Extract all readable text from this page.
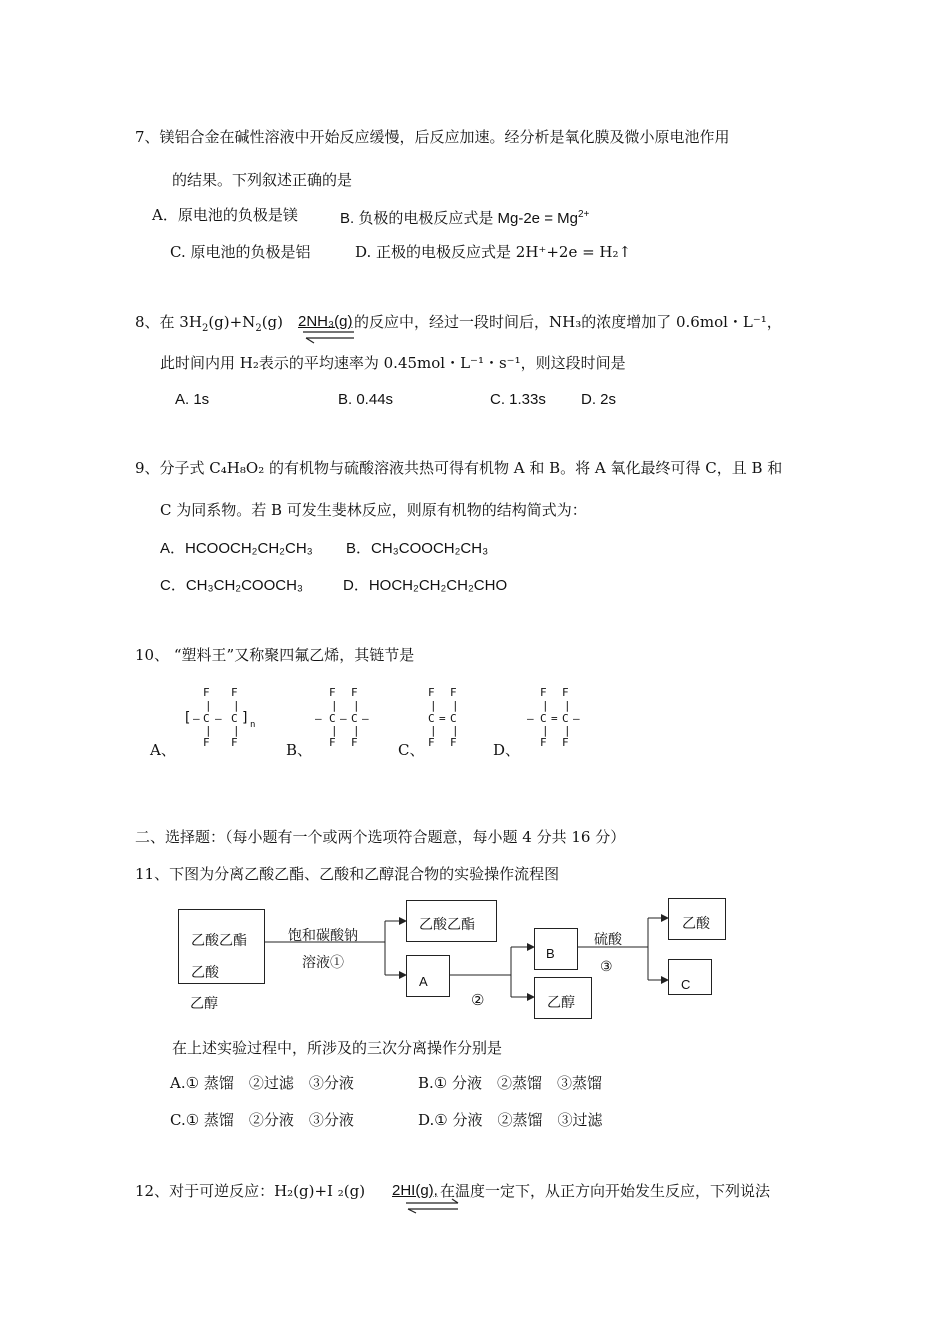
7、镁铝合金在碱性溶液中开始反应缓慢，后反应加速。经分析是氧化膜及微小原电池作用
的结果。下列叙述正确的是
A．原电池的负极是镁	B. 负极的电极反应式是 $Mg-2e = Mg^{2+}$
C. 原电池的负极是铝	D. 正极的电极反应式是 2H⁺+2e = H₂↑
8、在 $3H_2(g)+N_2(g)$ 2NH₃(g) 的反应中，经过一段时间后，NH₃的浓度增加了 0.6mol・L⁻¹，
此时间内用 H₂表示的平均速率为 0.45mol・L⁻¹・s⁻¹，则这段时间是
A. 1s	B. 0.44s	C. 1.33s D. 2s
9、分子式 C₄H₈O₂ 的有机物与硫酸溶液共热可得有机物 A 和 B。将 A 氧化最终可得 C，且 B 和
C 为同系物。若 B 可发生斐林反应，则原有机物的结构简式为：
A．HCOOCH₂CH₂CH₃ B．CH₃COOCH₂CH₃
C．CH₃CH₂COOCH₃	D．HOCH₂CH₂CH₂CHO
10、 “塑料王”又称聚四氟乙烯，其链节是
F F
| |
[ — C — C ] n
| |
F F
A、
F F
| |
– C – C –
| |
F F
B、
F F
| |
C = C
| |
F F
C、
F F
| |
– C = C –
| |
F F
D、
二、选择题：（每小题有一个或两个选项符合题意，每小题 4 分共 16 分）
11、下图为分离乙酸乙酯、乙酸和乙醇混合物的实验操作流程图
乙酸乙酯
乙酸
乙醇
饱和碳酸钠
溶液①
乙酸乙酯
A
②
B
乙醇
硫酸
③
乙酸
C
在上述实验过程中，所涉及的三次分离操作分别是
A.① 蒸馏　②过滤　③分液	B.① 分液　②蒸馏　③蒸馏
C.① 蒸馏　②分液　③分液	D.① 分液　②蒸馏　③过滤
12、对于可逆反应：H₂(g)+I ₂(g) 2HI(g), 在温度一定下，从正方向开始发生反应，下列说法
